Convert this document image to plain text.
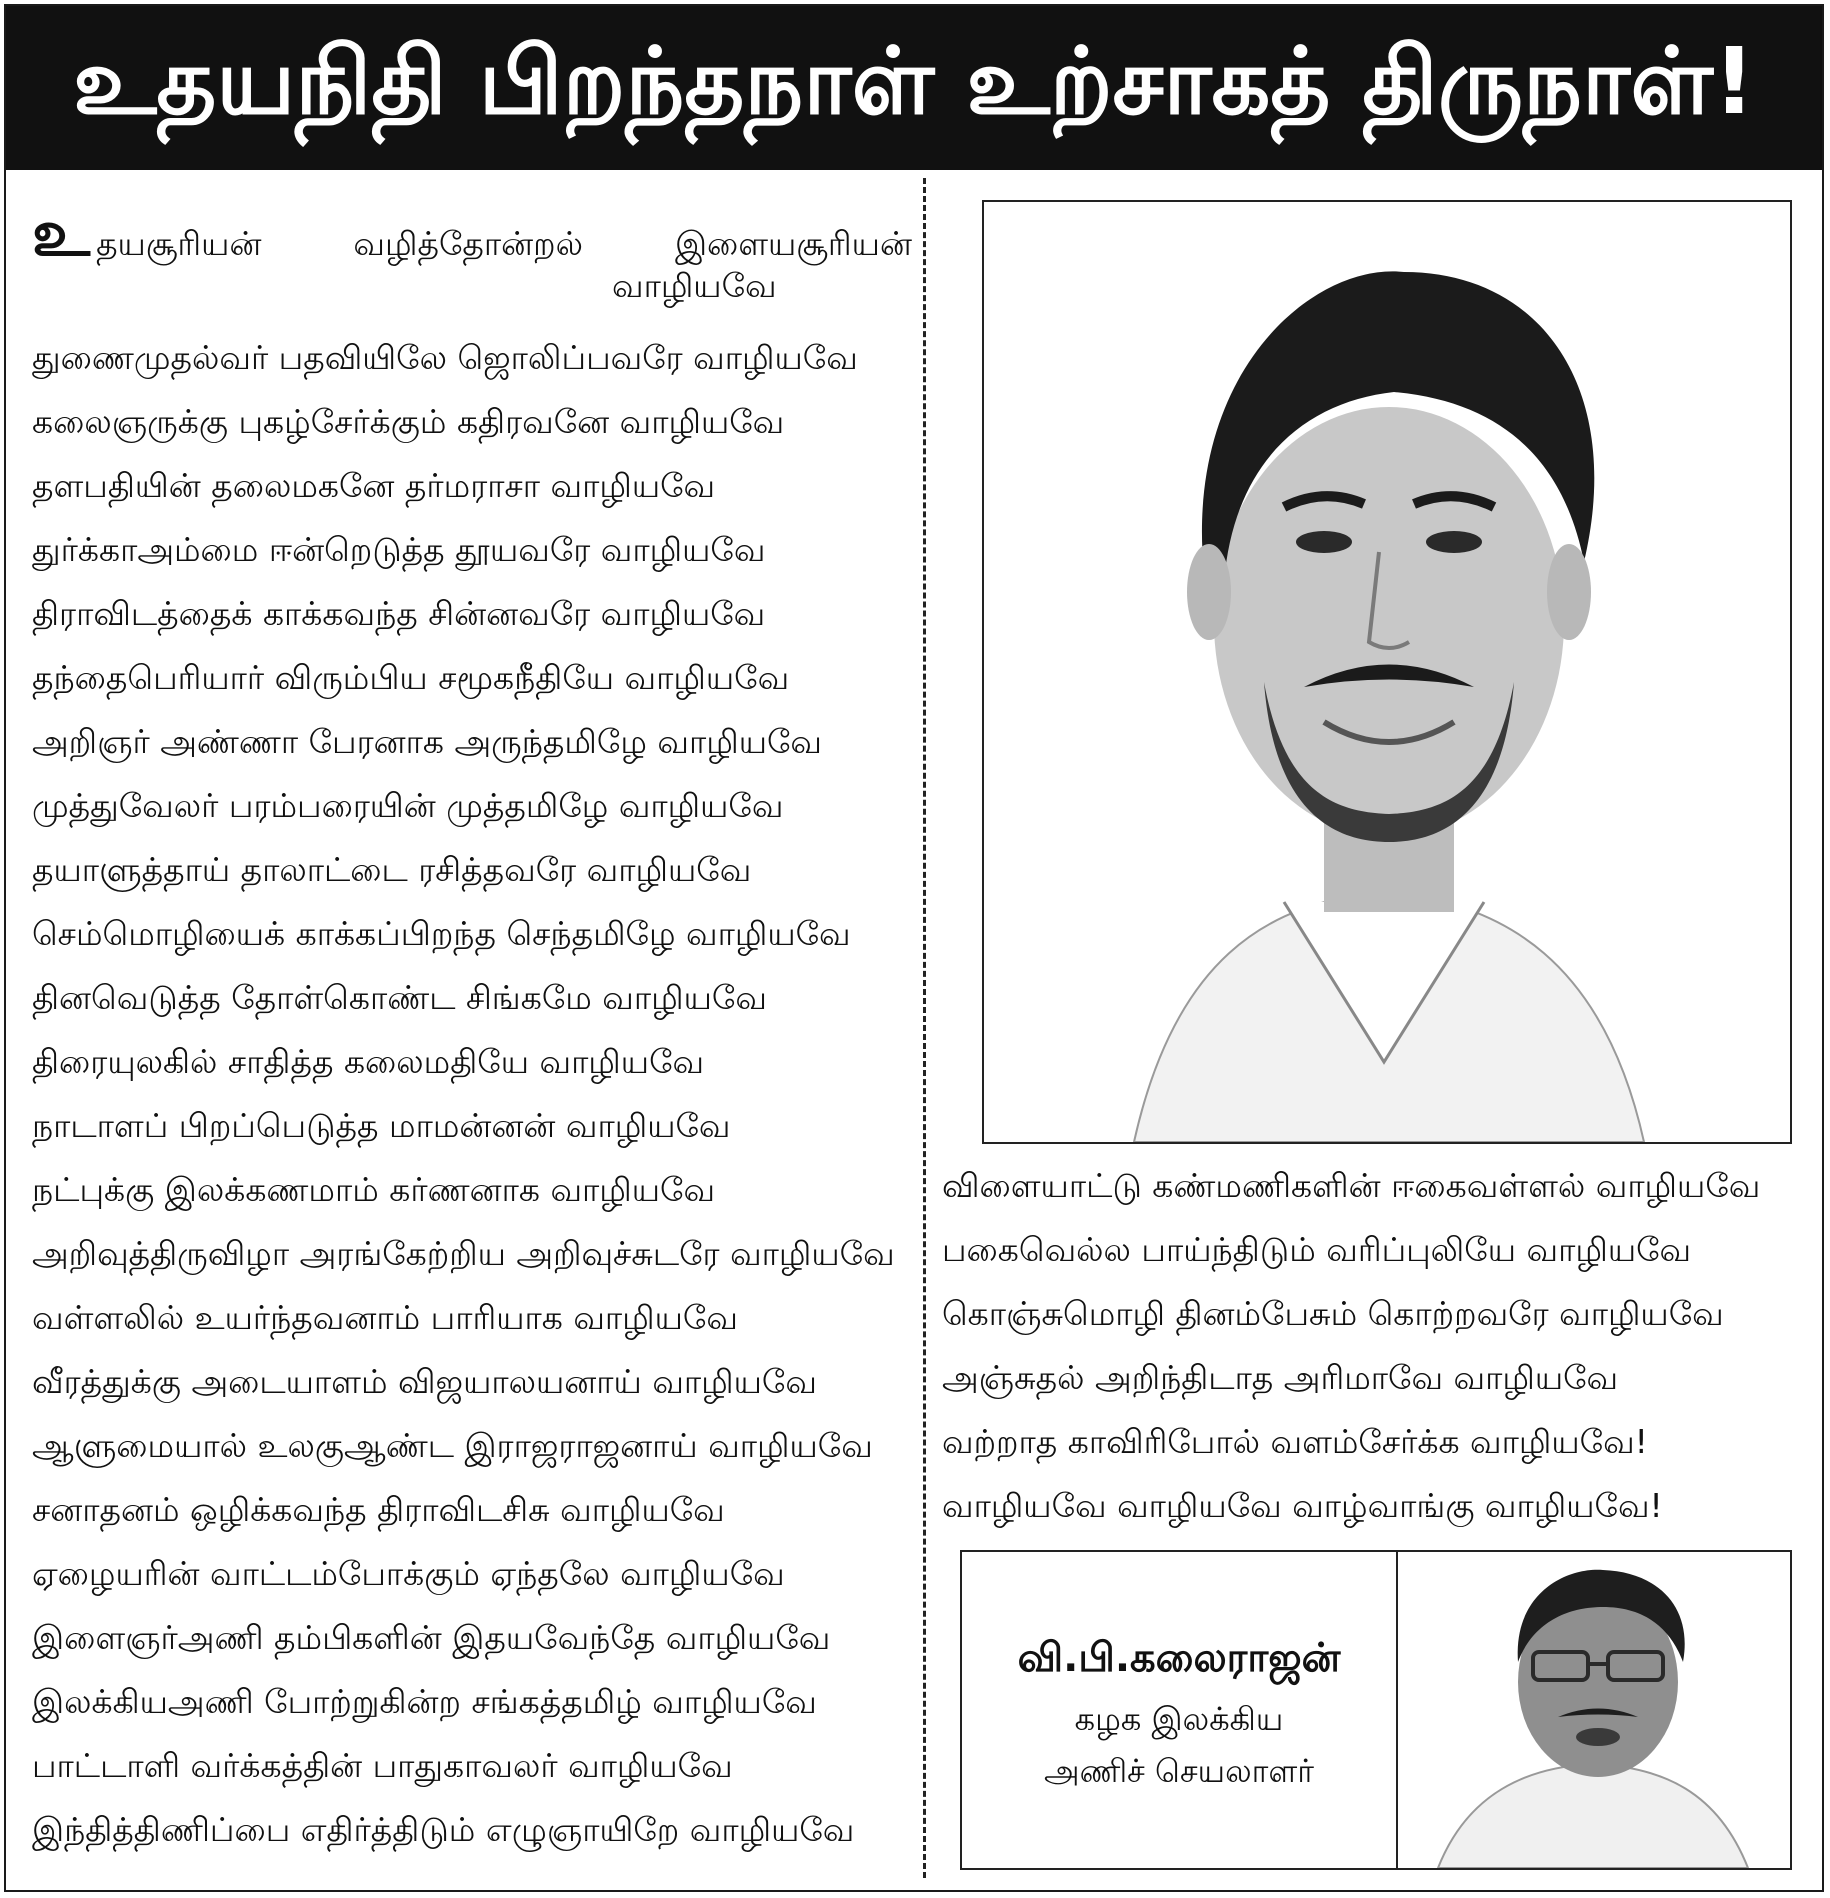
உதயநிதி பிறந்தநாள் உற்சாகத் திருநாள்!
உ தயசூரியன்	வழித்தோன்றல்	இளையசூரியன்
வாழியவே
துணைமுதல்வர் பதவியிலே ஜொலிப்பவரே வாழியவே
கலைஞருக்கு புகழ்சேர்க்கும் கதிரவனே வாழியவே
தளபதியின் தலைமகனே தர்மராசா வாழியவே
துர்க்காஅம்மை ஈன்றெடுத்த தூயவரே வாழியவே
திராவிடத்தைக் காக்கவந்த சின்னவரே வாழியவே
தந்தைபெரியார் விரும்பிய சமூகநீதியே வாழியவே
அறிஞர் அண்ணா பேரனாக அருந்தமிழே வாழியவே
முத்துவேலர் பரம்பரையின் முத்தமிழே வாழியவே
தயாளுத்தாய் தாலாட்டை ரசித்தவரே வாழியவே
செம்மொழியைக் காக்கப்பிறந்த செந்தமிழே வாழியவே
தினவெடுத்த தோள்கொண்ட சிங்கமே வாழியவே
திரையுலகில் சாதித்த கலைமதியே வாழியவே
நாடாளப் பிறப்பெடுத்த மாமன்னன் வாழியவே
நட்புக்கு இலக்கணமாம் கர்ணனாக வாழியவே
அறிவுத்திருவிழா அரங்கேற்றிய அறிவுச்சுடரே வாழியவே
வள்ளலில் உயர்ந்தவனாம் பாரியாக வாழியவே
வீரத்துக்கு அடையாளம் விஜயாலயனாய் வாழியவே
ஆளுமையால் உலகுஆண்ட இராஜராஜனாய் வாழியவே
சனாதனம் ஒழிக்கவந்த திராவிடசிசு வாழியவே
ஏழையரின் வாட்டம்போக்கும் ஏந்தலே வாழியவே
இளைஞர்அணி தம்பிகளின் இதயவேந்தே வாழியவே
இலக்கியஅணி போற்றுகின்ற சங்கத்தமிழ் வாழியவே
பாட்டாளி வர்க்கத்தின் பாதுகாவலர் வாழியவே
இந்தித்திணிப்பை எதிர்த்திடும் எழுஞாயிறே வாழியவே
விளையாட்டு கண்மணிகளின் ஈகைவள்ளல் வாழியவே
பகைவெல்ல பாய்ந்திடும் வரிப்புலியே வாழியவே
கொஞ்சுமொழி தினம்பேசும் கொற்றவரே வாழியவே
அஞ்சுதல் அறிந்திடாத அரிமாவே வாழியவே
வற்றாத காவிரிபோல் வளம்சேர்க்க வாழியவே!
வாழியவே வாழியவே வாழ்வாங்கு வாழியவே!
வி.பி.கலைராஜன்
கழக இலக்கிய
அணிச் செயலாளர்
